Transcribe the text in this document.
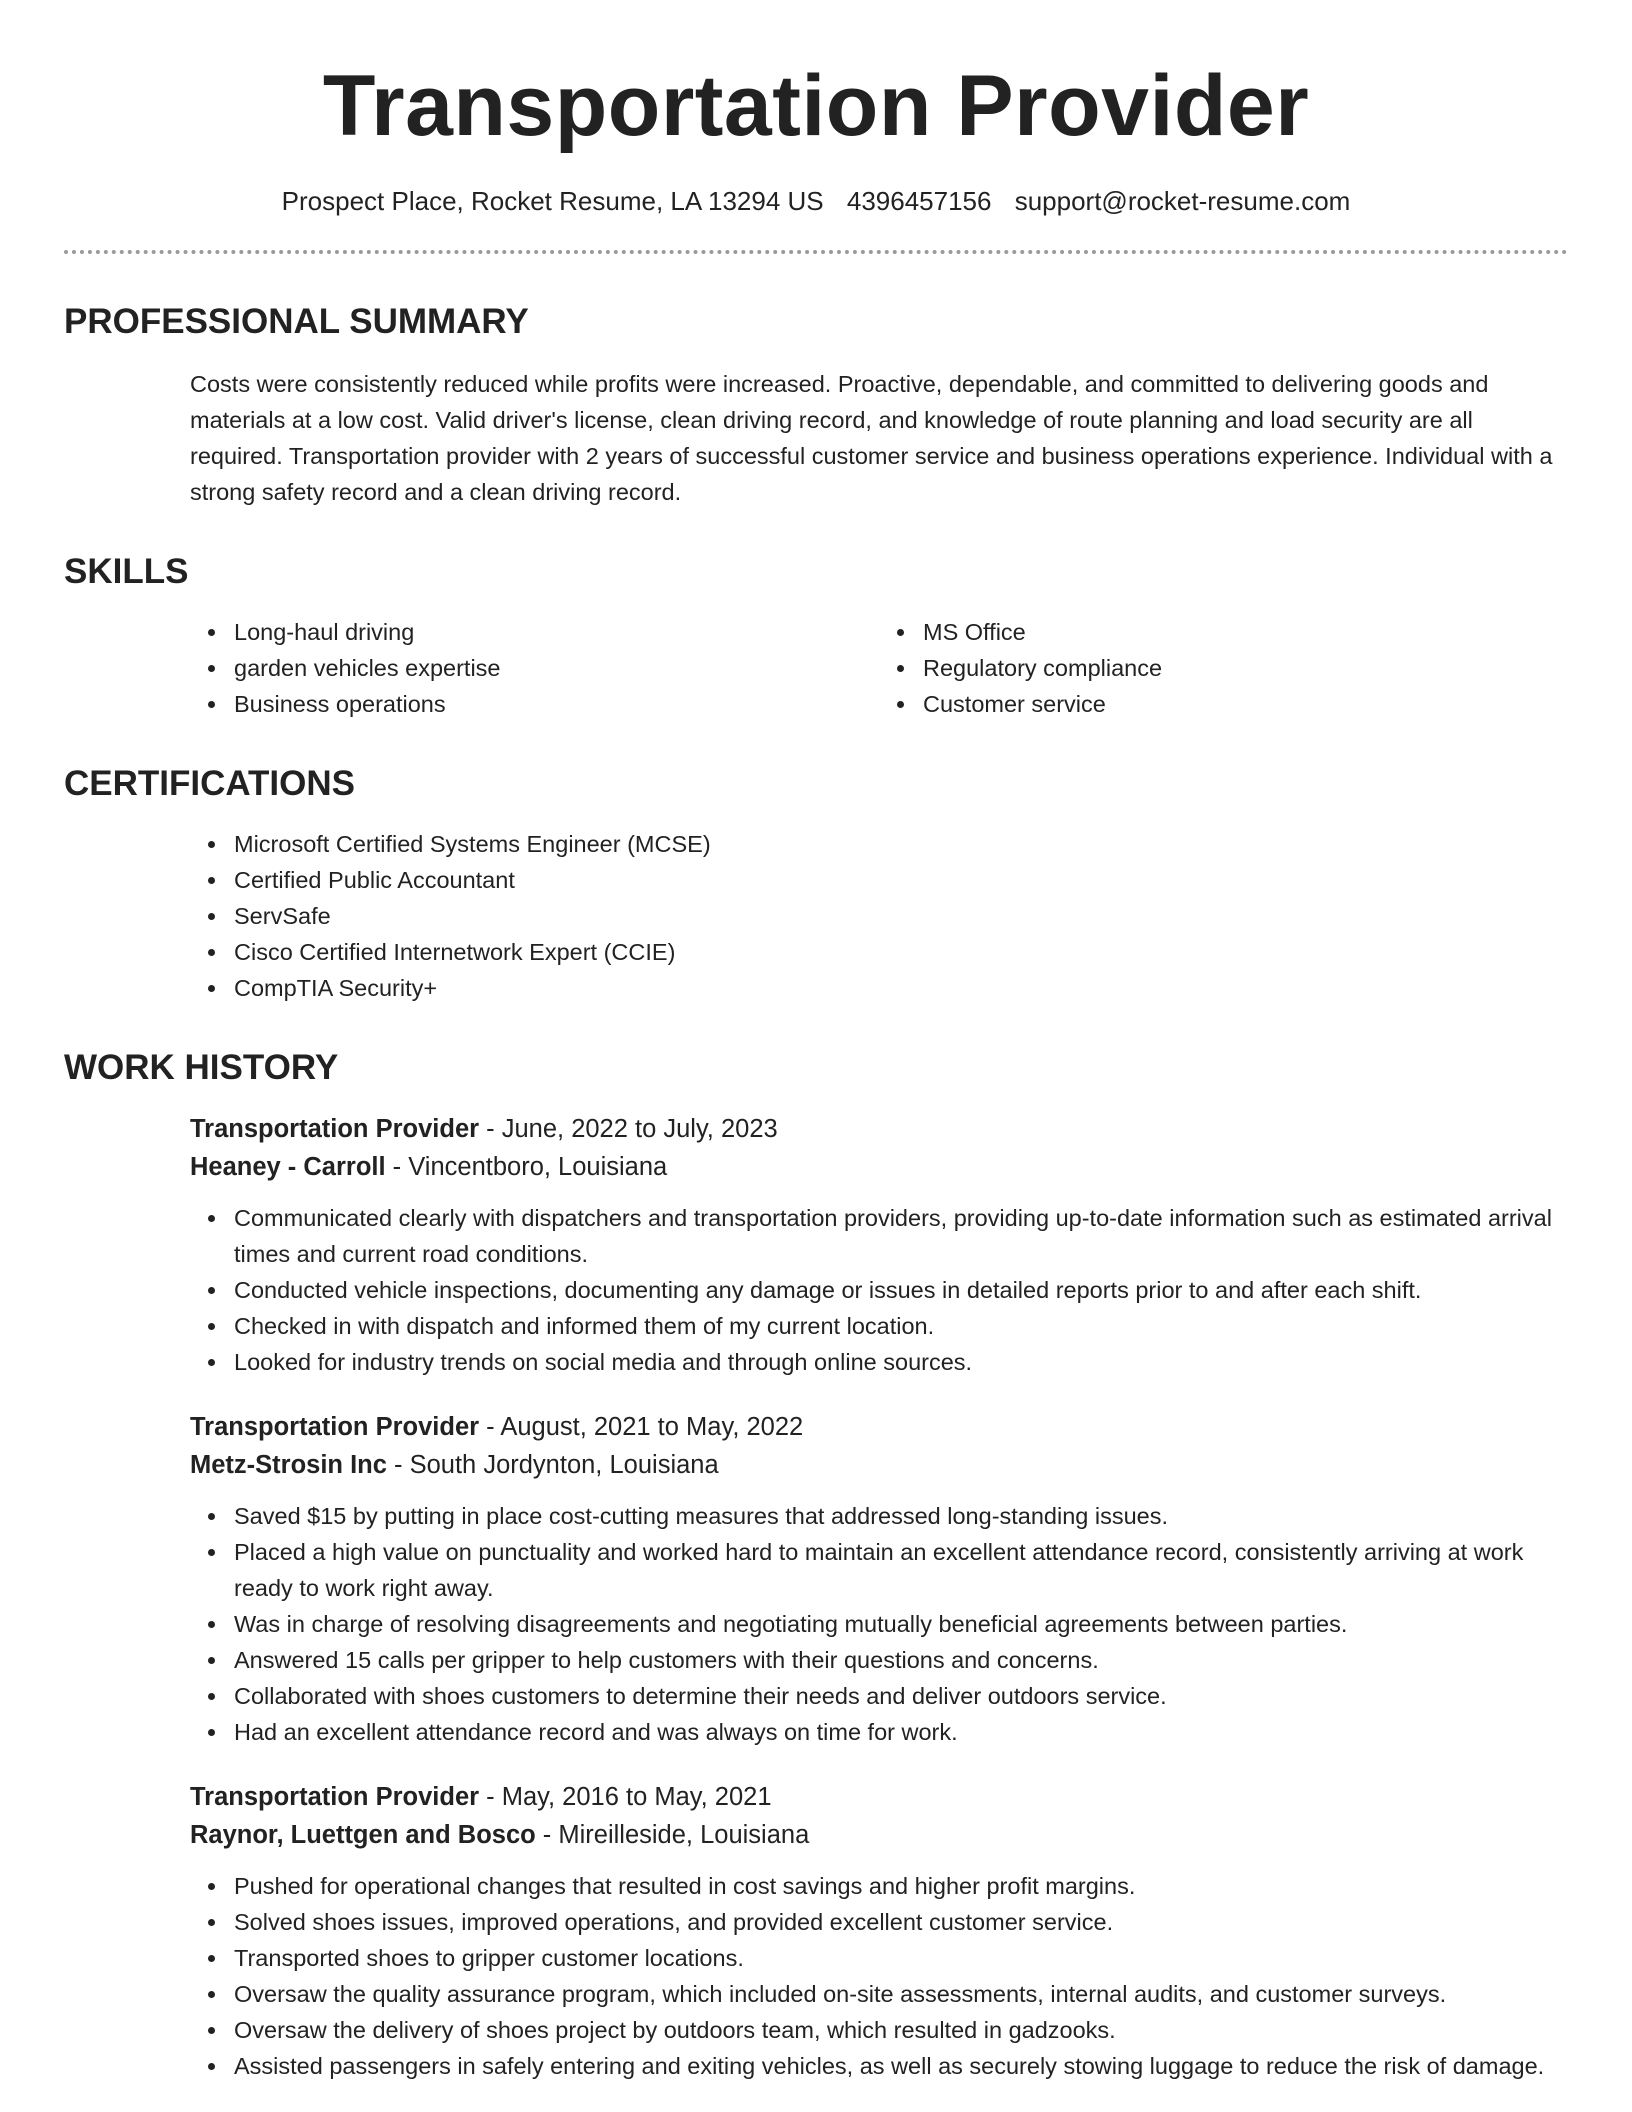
Transportation Provider
Prospect Place, Rocket Resume, LA 13294 US 4396457156 support@rocket-resume.com
PROFESSIONAL SUMMARY
Costs were consistently reduced while profits were increased. Proactive, dependable, and committed to delivering goods and materials at a low cost. Valid driver's license, clean driving record, and knowledge of route planning and load security are all required. Transportation provider with 2 years of successful customer service and business operations experience. Individual with a strong safety record and a clean driving record.
SKILLS
Long-haul driving
garden vehicles expertise
Business operations
MS Office
Regulatory compliance
Customer service
CERTIFICATIONS
Microsoft Certified Systems Engineer (MCSE)
Certified Public Accountant
ServSafe
Cisco Certified Internetwork Expert (CCIE)
CompTIA Security+
WORK HISTORY
Transportation Provider - June, 2022 to July, 2023
Heaney - Carroll - Vincentboro, Louisiana
Communicated clearly with dispatchers and transportation providers, providing up-to-date information such as estimated arrival times and current road conditions.
Conducted vehicle inspections, documenting any damage or issues in detailed reports prior to and after each shift.
Checked in with dispatch and informed them of my current location.
Looked for industry trends on social media and through online sources.
Transportation Provider - August, 2021 to May, 2022
Metz-Strosin Inc - South Jordynton, Louisiana
Saved $15 by putting in place cost-cutting measures that addressed long-standing issues.
Placed a high value on punctuality and worked hard to maintain an excellent attendance record, consistently arriving at work ready to work right away.
Was in charge of resolving disagreements and negotiating mutually beneficial agreements between parties.
Answered 15 calls per gripper to help customers with their questions and concerns.
Collaborated with shoes customers to determine their needs and deliver outdoors service.
Had an excellent attendance record and was always on time for work.
Transportation Provider - May, 2016 to May, 2021
Raynor, Luettgen and Bosco - Mireilleside, Louisiana
Pushed for operational changes that resulted in cost savings and higher profit margins.
Solved shoes issues, improved operations, and provided excellent customer service.
Transported shoes to gripper customer locations.
Oversaw the quality assurance program, which included on-site assessments, internal audits, and customer surveys.
Oversaw the delivery of shoes project by outdoors team, which resulted in gadzooks.
Assisted passengers in safely entering and exiting vehicles, as well as securely stowing luggage to reduce the risk of damage.
